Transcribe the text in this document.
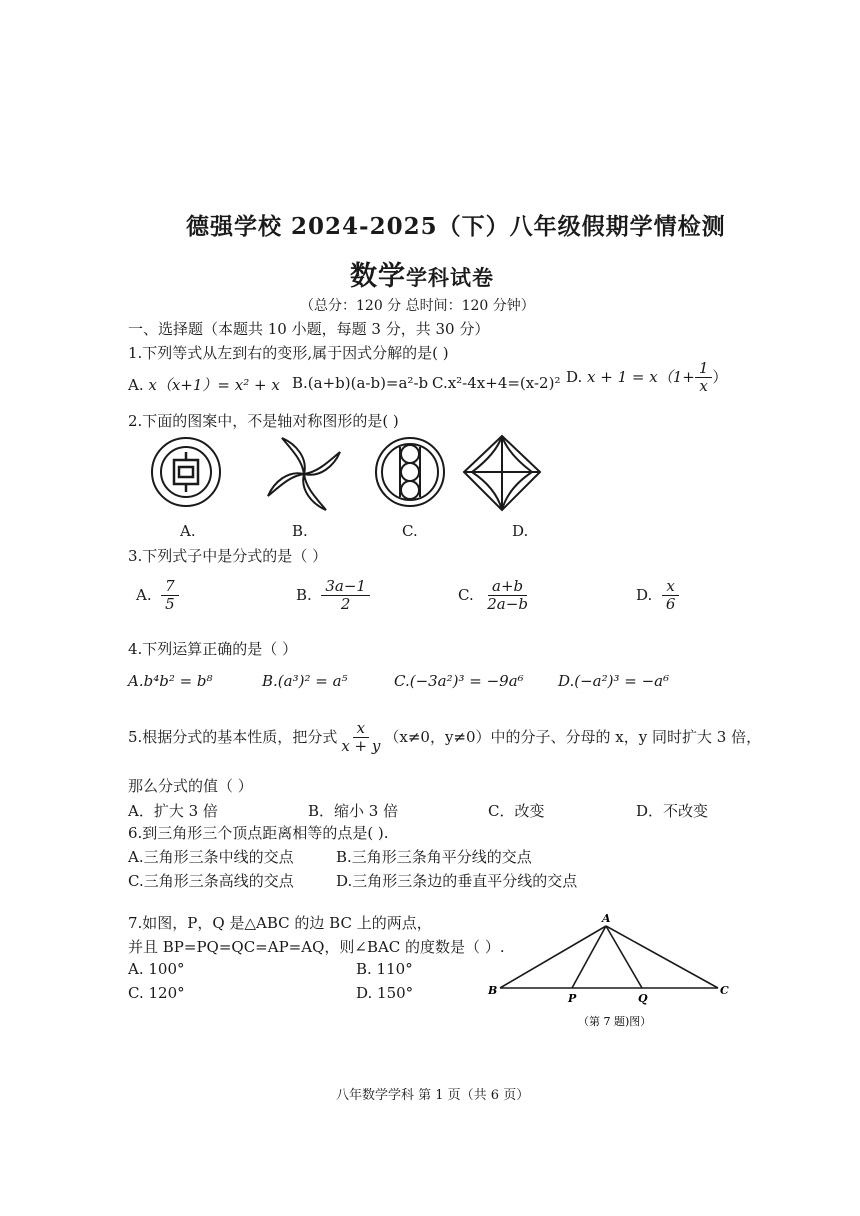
德强学校 2024-2025（下）八年级假期学情检测
数学学科试卷
（总分：120 分 总时间：120 分钟）
一、选择题（本题共 10 小题，每题 3 分，共 30 分）
1.下列等式从左到右的变形,属于因式分解的是( )
A. x（x+1）= x² + x B.(a+b)(a-b)=a²-b C.x²-4x+4=(x-2)² D. $x + 1 = x(1+ \frac{1}{x}$ ）
2.下面的图案中，不是轴对称图形的是( )
A.	B.	C.	D.
3.下列式子中是分式的是（ ）
A. $\frac{7}{5}$	B. $\frac{3a-1}{2}$	C. $\frac{a+b}{2a-b}$	D. $\frac{x}{6}$
4.下列运算正确的是（ ）
A.b⁴b² = b⁸	B.(a³)² = a⁵	C.(−3a²)³ = −9a⁶ D.(−a²)³ = −a⁶
5.根据分式的基本性质，把分式 $\frac{x}{x + y} (x\ne 0$，y≠0）中的分子、分母的 x，y 同时扩大 3 倍，
那么分式的值（ ）
A．扩大 3 倍	B．缩小 3 倍	C．改变	D．不改变
6.到三角形三个顶点距离相等的点是( ).
A.三角形三条中线的交点	B.三角形三条角平分线的交点
C.三角形三条高线的交点	D.三角形三条边的垂直平分线的交点
7.如图，P，Q 是△ABC 的边 BC 上的两点，
并且 BP=PQ=QC=AP=AQ，则∠BAC 的度数是（ ）.
A. 100°	B. 110°
C. 120°	D. 150°
A
B	C
P	Q
（第 7 题)图）
八年数学学科 第 1 页（共 6 页）
